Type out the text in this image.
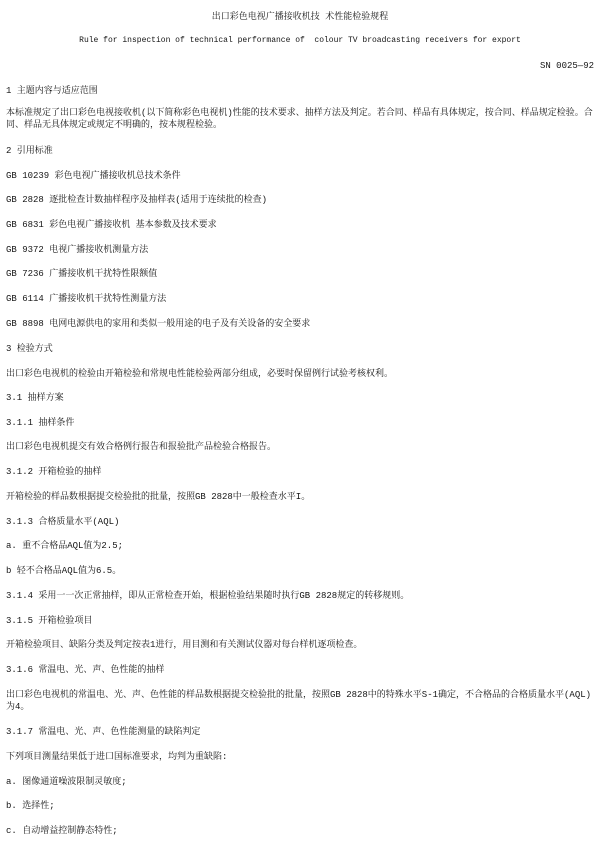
出口彩色电视广播接收机技 术性能检验规程
Rule for inspection of technical performance of  colour TV broadcasting receivers for export
SN 0025—92
1 主题内容与适应范围
本标准规定了出口彩色电视接收机(以下简称彩色电视机)性能的技术要求、抽样方法及判定。若合同、样品有具体规定，按合同、样品规定检验。合同、样品无具体规定或规定不明确的，按本规程检验。
2 引用标准
GB 10239 彩色电视广播接收机总技术条件
GB 2828 逐批检查计数抽样程序及抽样表(适用于连续批的检查)
GB 6831 彩色电视广播接收机 基本参数及技术要求
GB 9372 电视广播接收机测量方法
GB 7236 广播接收机干扰特性限额值
GB 6114 广播接收机干扰特性测量方法
GB 8898 电网电源供电的家用和类似一般用途的电子及有关设备的安全要求
3 检验方式
出口彩色电视机的检验由开箱检验和常规电性能检验两部分组成，必要时保留例行试验考核权利。
3.1 抽样方案
3.1.1 抽样条件
出口彩色电视机提交有效合格例行报告和报验批产品检验合格报告。
3.1.2 开箱检验的抽样
开箱检验的样品数根据提交检验批的批量，按照GB 2828中一般检查水平I。
3.1.3 合格质量水平(AQL)
a. 重不合格品AQL值为2.5;
b 轻不合格品AQL值为6.5。
3.1.4 采用一一次正常抽样，即从正常检查开始，根据检验结果随时执行GB 2828规定的转移规则。
3.1.5 开箱检验项目
开箱检验项目、缺陷分类及判定按表1进行，用目测和有关测试仪器对每台样机逐项检查。
3.1.6 常温电、光、声、色性能的抽样
出口彩色电视机的常温电、光、声、色性能的样品数根据提交检验批的批量，按照GB 2828中的特殊水平S-1确定，不合格品的合格质量水平(AQL)为4。
3.1.7 常温电、光、声、色性能测量的缺陷判定
下列项目测量结果低于进口国标准要求，均判为重缺陷:
a. 图像通道噪波限制灵敏度;
b. 选择性;
c. 自动增益控制静态特性;
